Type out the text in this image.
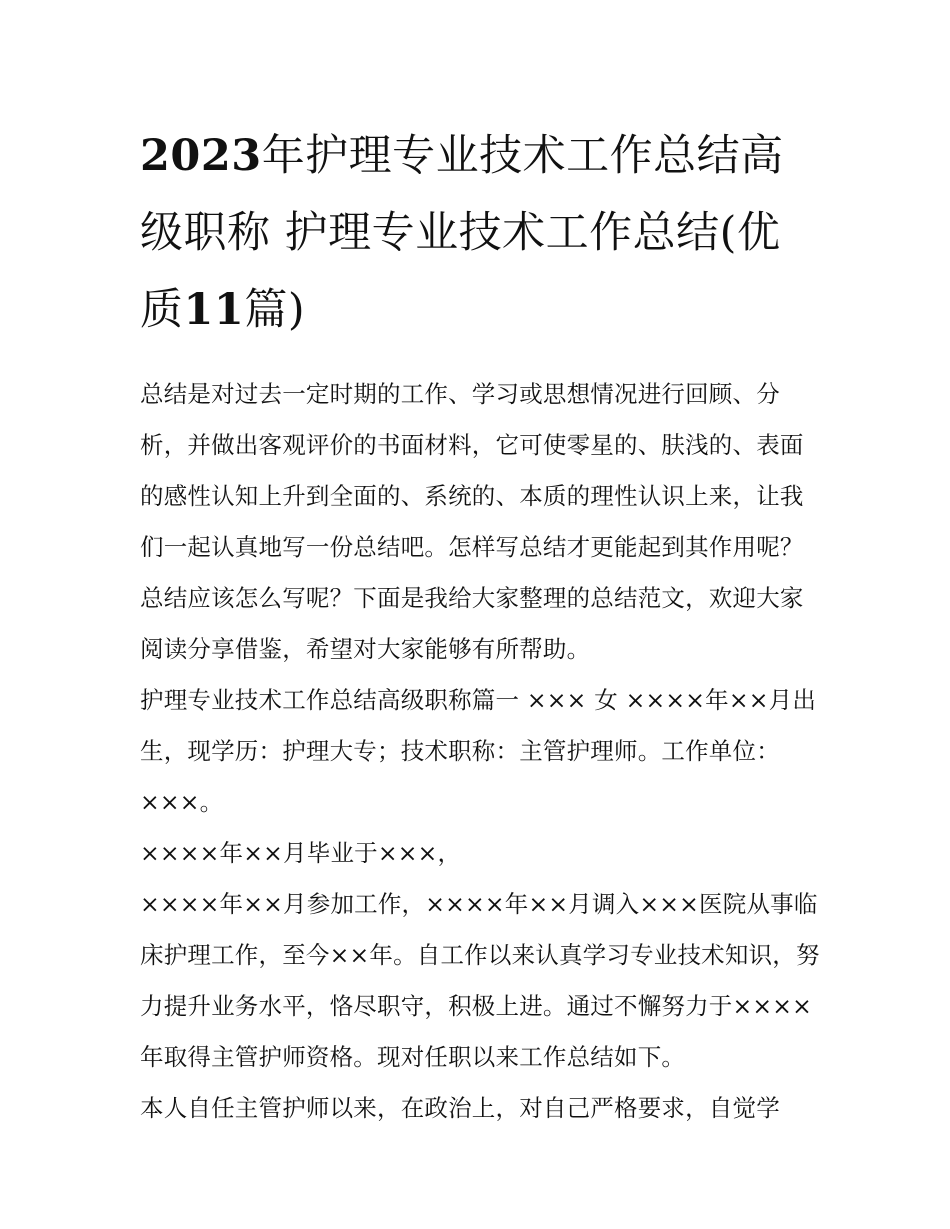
2023年护理专业技术工作总结高级职称 护理专业技术工作总结(优质11篇)

总结是对过去一定时期的工作、学习或思想情况进行回顾、分析，并做出客观评价的书面材料，它可使零星的、肤浅的、表面的感性认知上升到全面的、系统的、本质的理性认识上来，让我们一起认真地写一份总结吧。怎样写总结才更能起到其作用呢？总结应该怎么写呢？下面是我给大家整理的总结范文，欢迎大家阅读分享借鉴，希望对大家能够有所帮助。

护理专业技术工作总结高级职称篇一 ××× 女 ××××年××月出生，现学历：护理大专；技术职称：主管护理师。工作单位：×××。

××××年××月毕业于×××，

××××年××月参加工作，××××年××月调入×××医院从事临床护理工作，至今××年。自工作以来认真学习专业技术知识，努力提升业务水平，恪尽职守，积极上进。通过不懈努力于××××年取得主管护师资格。现对任职以来工作总结如下。

本人自任主管护师以来，在政治上，对自己严格要求，自觉学
